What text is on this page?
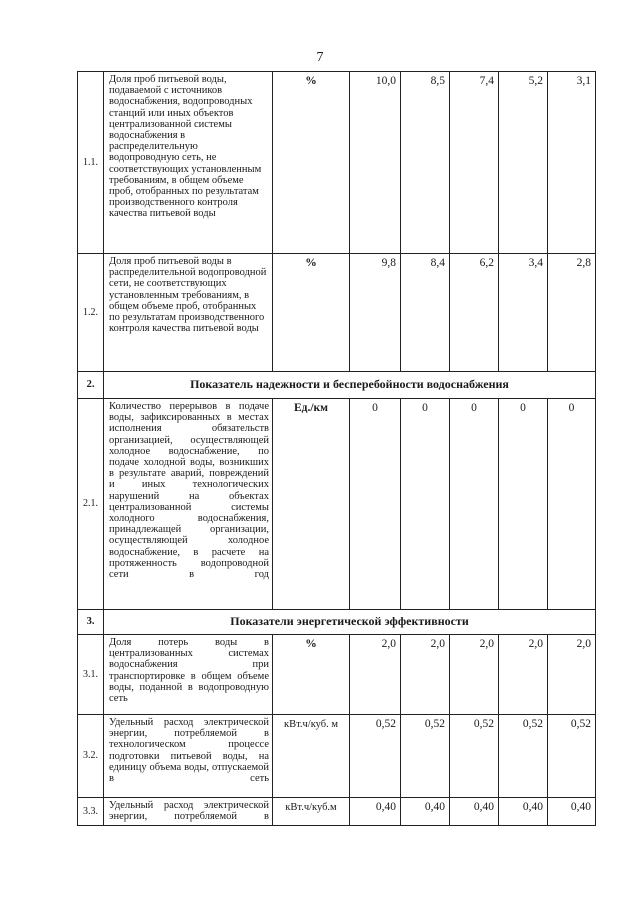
7
1.1.	Доля проб питьевой воды, подаваемой с источников водоснабжения, водопроводных станций или иных объектов централизованной системы водоснабжения в распределительную водопроводную сеть, не соответствующих установленным требованиям, в общем объеме проб, отобранных по результатам производственного контроля качества питьевой воды	%	10,0	8,5	7,4	5,2	3,1
1.2.	Доля проб питьевой воды в распределительной водопроводной сети, не соответствующих установленным требованиям, в общем объеме проб, отобранных по результатам производственного контроля качества питьевой воды	%	9,8	8,4	6,2	3,4	2,8
2.	Показатель надежности и бесперебойности водоснабжения						
2.1.	Количество перерывов в подаче воды, зафиксированных в местах исполнения обязательств организацией, осуществляющей холодное водоснабжение, по подаче холодной воды, возникших в результате аварий, повреждений и иных технологических нарушений на объектах централизованной системы холодного водоснабжения, принадлежащей организации, осуществляющей холодное водоснабжение, в расчете на протяженность водопроводной сети в год	Ед./км	0	0	0	0	0
3.	Показатели энергетической эффективности						
3.1.	Доля потерь воды в централизованных системах водоснабжения при транспортировке в общем объеме воды, поданной в водопроводную сеть	%	2,0	2,0	2,0	2,0	2,0
3.2.	Удельный расход электрической энергии, потребляемой в технологическом процессе подготовки питьевой воды, на единицу объема воды, отпускаемой в сеть	кВт.ч/куб. м	0,52	0,52	0,52	0,52	0,52
3.3.	Удельный расход электрической энергии, потребляемой в	кВт.ч/куб.м	0,40	0,40	0,40	0,40	0,40
